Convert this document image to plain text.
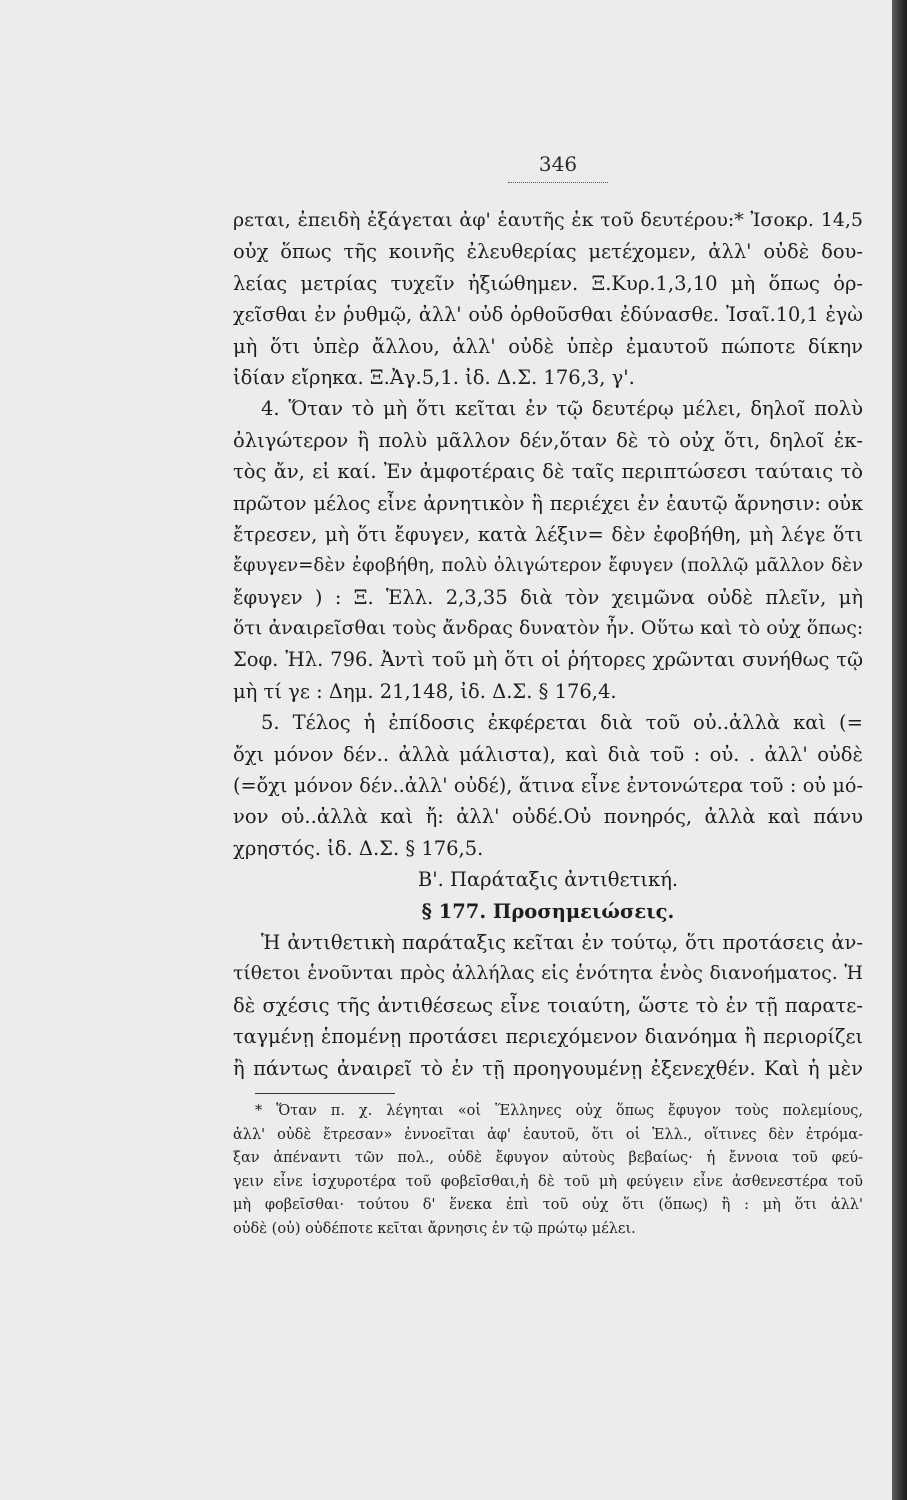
346
ρεται, ἐπειδὴ ἐξάγεται ἀφ' ἑαυτῆς ἐκ τοῦ δευτέρου:* Ἰσοκρ. 14,5
οὐχ ὅπως τῆς κοινῆς ἐλευθερίας μετέχομεν, ἀλλ' οὐδὲ δου-
λείας μετρίας τυχεῖν ἠξιώθημεν. Ξ.Κυρ.1,3,10 μὴ ὅπως ὀρ-
χεῖσθαι ἐν ῥυθμῷ, ἀλλ' οὐδ ὀρθοῦσθαι ἐδύνασθε. Ἰσαῖ.10,1 ἐγὼ
μὴ ὅτι ὑπὲρ ἄλλου, ἀλλ' οὐδὲ ὑπὲρ ἐμαυτοῦ πώποτε δίκην
ἰδίαν εἴρηκα. Ξ.Ἀγ.5,1. ἰδ. Δ.Σ. 176,3, γ'.
4. Ὅταν τὸ μὴ ὅτι κεῖται ἐν τῷ δευτέρῳ μέλει, δηλοῖ πολὺ
ὀλιγώτερον ἢ πολὺ μᾶλλον δέν,ὅταν δὲ τὸ οὐχ ὅτι, δηλοῖ ἐκ-
τὸς ἄν, εἰ καί. Ἐν ἀμφοτέραις δὲ ταῖς περιπτώσεσι ταύταις τὸ
πρῶτον μέλος εἶνε ἀρνητικὸν ἢ περιέχει ἐν ἑαυτῷ ἄρνησιν: οὐκ
ἔτρεσεν, μὴ ὅτι ἔφυγεν, κατὰ λέξιν= δὲν ἐφοβήθη, μὴ λέγε ὅτι
ἔφυγεν=δὲν ἐφοβήθη, πολὺ ὀλιγώτερον ἔφυγεν (πολλῷ μᾶλλον δὲν
ἔφυγεν ) : Ξ. Ἑλλ. 2,3,35 διὰ τὸν χειμῶνα οὐδὲ πλεῖν, μὴ
ὅτι ἀναιρεῖσθαι τοὺς ἄνδρας δυνατὸν ἦν. Οὕτω καὶ τὸ οὐχ ὅπως:
Σοφ. Ἠλ. 796. Ἀντὶ τοῦ μὴ ὅτι οἱ ῥήτορες χρῶνται συνήθως τῷ
μὴ τί γε : Δημ. 21,148, ἰδ. Δ.Σ. § 176,4.
5. Τέλος ἡ ἐπίδοσις ἐκφέρεται διὰ τοῦ οὐ..ἀλλὰ καὶ (=
ὄχι μόνον δέν.. ἀλλὰ μάλιστα), καὶ διὰ τοῦ : οὐ. . ἀλλ' οὐδὲ
(=ὄχι μόνον δέν..ἀλλ' οὐδέ), ἅτινα εἶνε ἐντονώτερα τοῦ : οὐ μό-
νον οὐ..ἀλλὰ καὶ ἤ: ἀλλ' οὐδέ.Οὐ πονηρός, ἀλλὰ καὶ πάνυ
χρηστός. ἰδ. Δ.Σ. § 176,5.
Β'. Παράταξις ἀντιθετική.
§ 177. Προσημειώσεις.
Ἡ ἀντιθετικὴ παράταξις κεῖται ἐν τούτῳ, ὅτι προτάσεις ἀν-
τίθετοι ἑνοῦνται πρὸς ἀλλήλας εἰς ἑνότητα ἑνὸς διανοήματος. Ἡ
δὲ σχέσις τῆς ἀντιθέσεως εἶνε τοιαύτη, ὥστε τὸ ἐν τῇ παρατε-
ταγμένῃ ἑπομένῃ προτάσει περιεχόμενον διανόημα ἢ περιορίζει
ἢ πάντως ἀναιρεῖ τὸ ἐν τῇ προηγουμένῃ ἐξενεχθέν. Καὶ ἡ μὲν
* Ὅταν π. χ. λέγηται «οἱ Ἕλληνες οὐχ ὅπως ἔφυγον τοὺς πολεμίους,
ἀλλ' οὐδὲ ἔτρεσαν» ἐννοεῖται ἀφ' ἑαυτοῦ, ὅτι οἱ Ἑλλ., οἵτινες δὲν ἐτρόμα-
ξαν ἀπέναντι τῶν πολ., οὐδὲ ἔφυγον αὐτοὺς βεβαίως· ἡ ἔννοια τοῦ φεύ-
γειν εἶνε ἰσχυροτέρα τοῦ φοβεῖσθαι,ἡ δὲ τοῦ μὴ φεύγειν εἶνε ἀσθενεστέρα τοῦ
μὴ φοβεῖσθαι· τούτου δ' ἕνεκα ἐπὶ τοῦ οὐχ ὅτι (ὅπως) ἢ : μὴ ὅτι ἀλλ'
οὐδὲ (οὐ) οὐδέποτε κεῖται ἄρνησις ἐν τῷ πρώτῳ μέλει.
